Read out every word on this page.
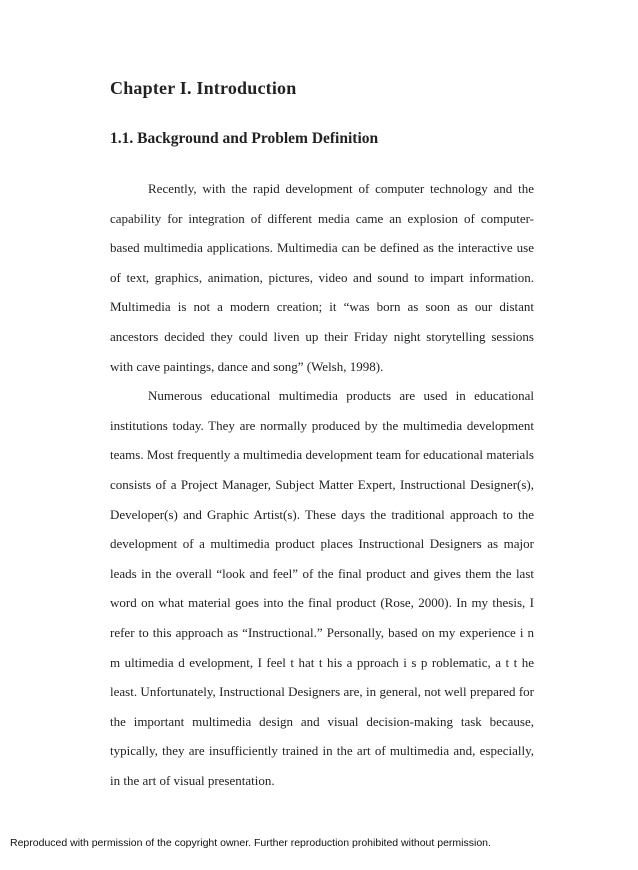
Chapter I. Introduction
1.1. Background and Problem Definition

Recently, with the rapid development of computer technology and the capability for integration of different media came an explosion of computer-based multimedia applications. Multimedia can be defined as the interactive use of text, graphics, animation, pictures, video and sound to impart information. Multimedia is not a modern creation; it “was born as soon as our distant ancestors decided they could liven up their Friday night storytelling sessions with cave paintings, dance and song” (Welsh, 1998).

Numerous educational multimedia products are used in educational institutions today. They are normally produced by the multimedia development teams. Most frequently a multimedia development team for educational materials consists of a Project Manager, Subject Matter Expert, Instructional Designer(s), Developer(s) and Graphic Artist(s). These days the traditional approach to the development of a multimedia product places Instructional Designers as major leads in the overall “look and feel” of the final product and gives them the last word on what material goes into the final product (Rose, 2000). In my thesis, I refer to this approach as “Instructional.” Personally, based on my experience i n m ultimedia d evelopment, I feel t hat t his a pproach i s p roblematic, a t t he least. Unfortunately, Instructional Designers are, in general, not well prepared for the important multimedia design and visual decision-making task because, typically, they are insufficiently trained in the art of multimedia and, especially, in the art of visual presentation.

Reproduced with permission of the copyright owner. Further reproduction prohibited without permission.
